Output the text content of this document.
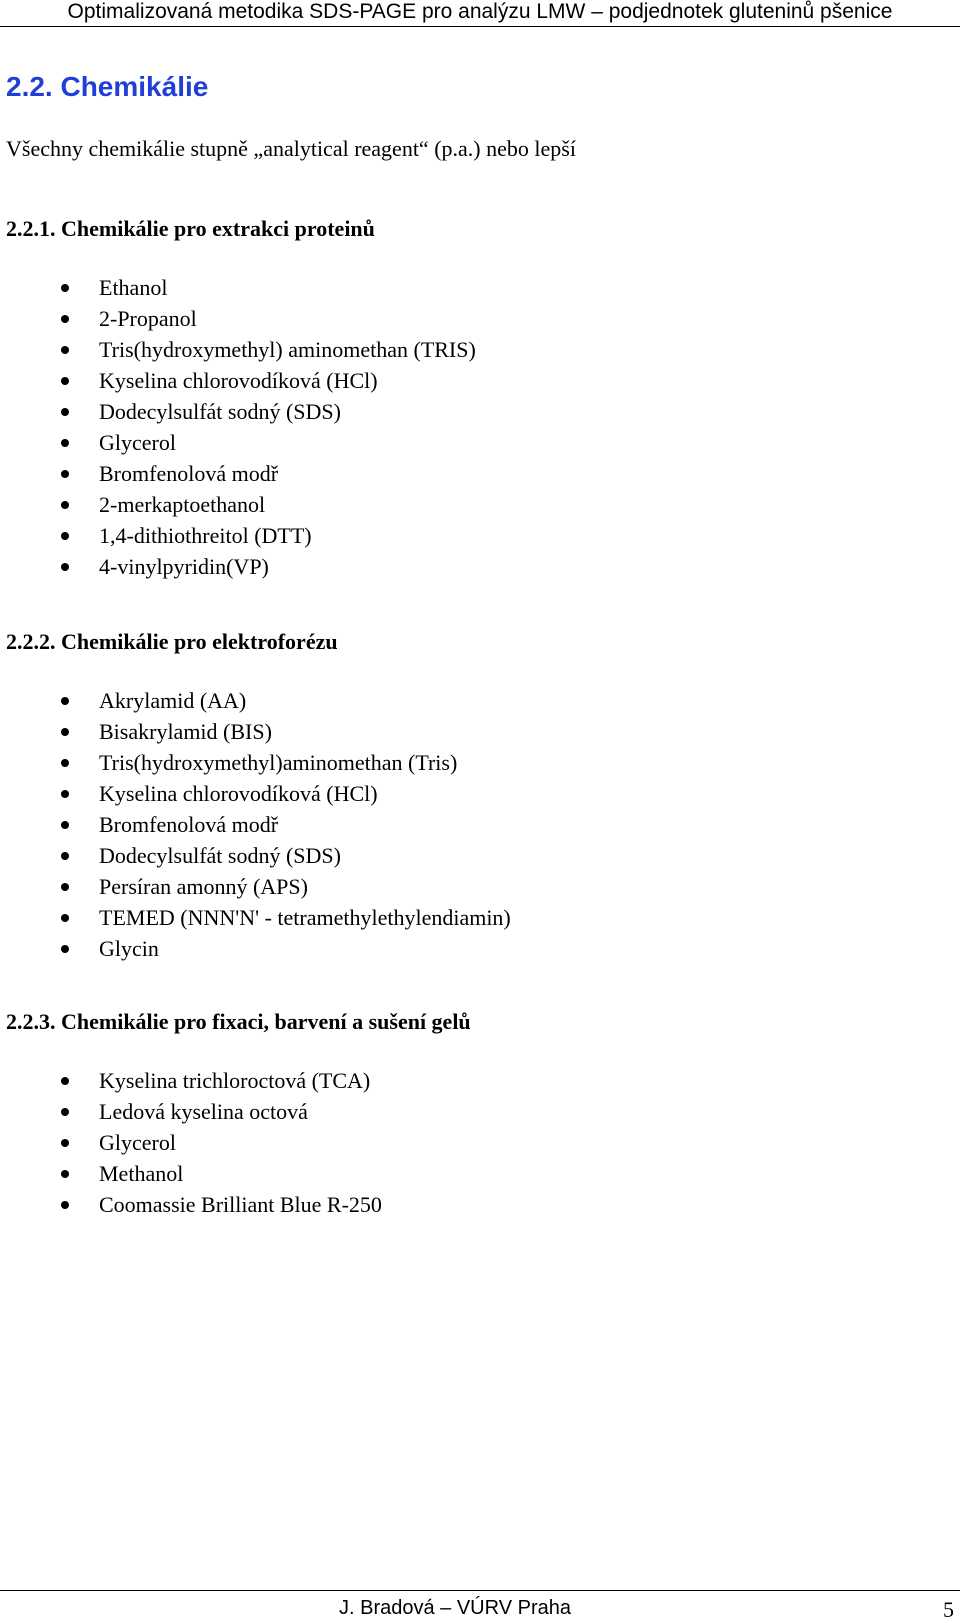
Optimalizovaná metodika SDS-PAGE pro analýzu LMW – podjednotek gluteninů pšenice
2.2. Chemikálie
Všechny chemikálie stupně „analytical reagent“ (p.a.) nebo lepší
2.2.1. Chemikálie pro extrakci proteinů
Ethanol
2-Propanol
Tris(hydroxymethyl) aminomethan (TRIS)
Kyselina chlorovodíková (HCl)
Dodecylsulfát sodný (SDS)
Glycerol
Bromfenolová modř
2-merkaptoethanol
1,4-dithiothreitol (DTT)
4-vinylpyridin(VP)
2.2.2. Chemikálie pro elektroforézu
Akrylamid (AA)
Bisakrylamid (BIS)
Tris(hydroxymethyl)aminomethan (Tris)
Kyselina chlorovodíková (HCl)
Bromfenolová modř
Dodecylsulfát sodný (SDS)
Persíran amonný (APS)
TEMED (NNN'N' - tetramethylethylendiamin)
Glycin
2.2.3. Chemikálie pro fixaci, barvení a sušení gelů
Kyselina trichloroctová (TCA)
Ledová kyselina octová
Glycerol
Methanol
Coomassie Brilliant Blue R-250
J. Bradová – VÚRV Praha	5
